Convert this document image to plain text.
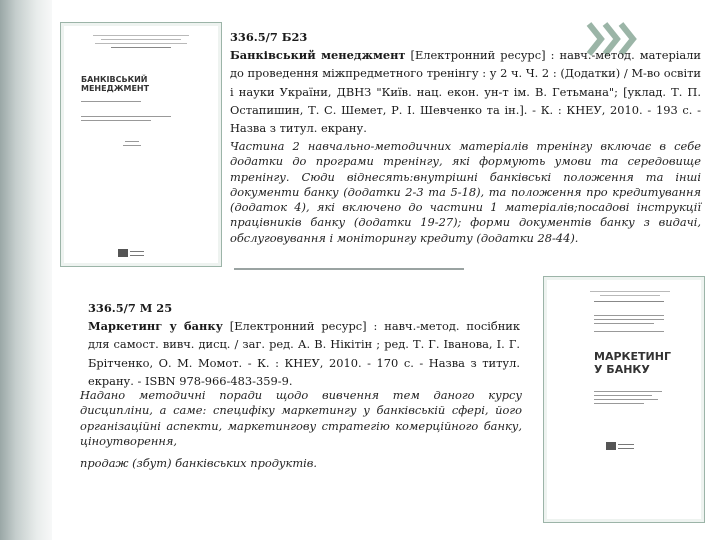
БАНКІВСЬКИЙ МЕНЕДЖМЕНТ
МАРКЕТИНГ У БАНКУ
336.5/7 Б23
Банківський менеджмент [Електронний ресурс] : навч.-метод. матеріали до проведення міжпредметного тренінгу : у 2 ч. Ч. 2 : (Додатки) / М-во освіти і науки України, ДВНЗ "Київ. нац. екон. ун-т ім. В. Гетьмана"; [уклад. Т. П. Остапишин, Т. С. Шемет, Р. І. Шевченко та ін.]. - К. : КНЕУ, 2010. - 193 с. - Назва з титул. екрану.
Частина 2 навчально-методичних матеріалів тренінгу включає в себе додатки до програми тренінгу, які формують умови та середовище тренінгу. Сюди віднесять:внутрішні банківські положення та інші документи банку (додатки 2-3 та 5-18), та положення про кредитування (додаток 4), які включено до частини 1 матеріалів;посадові інструкції працівників банку (додатки 19-27); форми документів банку з видачі, обслуговування і моніторингу кредиту (додатки 28-44).
336.5/7 М 25
Маркетинг у банку [Електронний ресурс] : навч.-метод. посібник для самост. вивч. дисц. / заг. ред. А. В. Нікітін ; ред. Т. Г. Іванова, І. Г. Брітченко, О. М. Момот. - К. : КНЕУ, 2010. - 170 с. - Назва з титул. екрану. - ISBN 978-966-483-359-9.
Надано методичні поради щодо вивчення тем даного курсу дисципліни, а саме: специфіку маркетингу у банківській сфері, його організаційні аспекти, маркетингову стратегію комерційного банку, ціноутворення,
продаж (збут) банківських продуктів.
